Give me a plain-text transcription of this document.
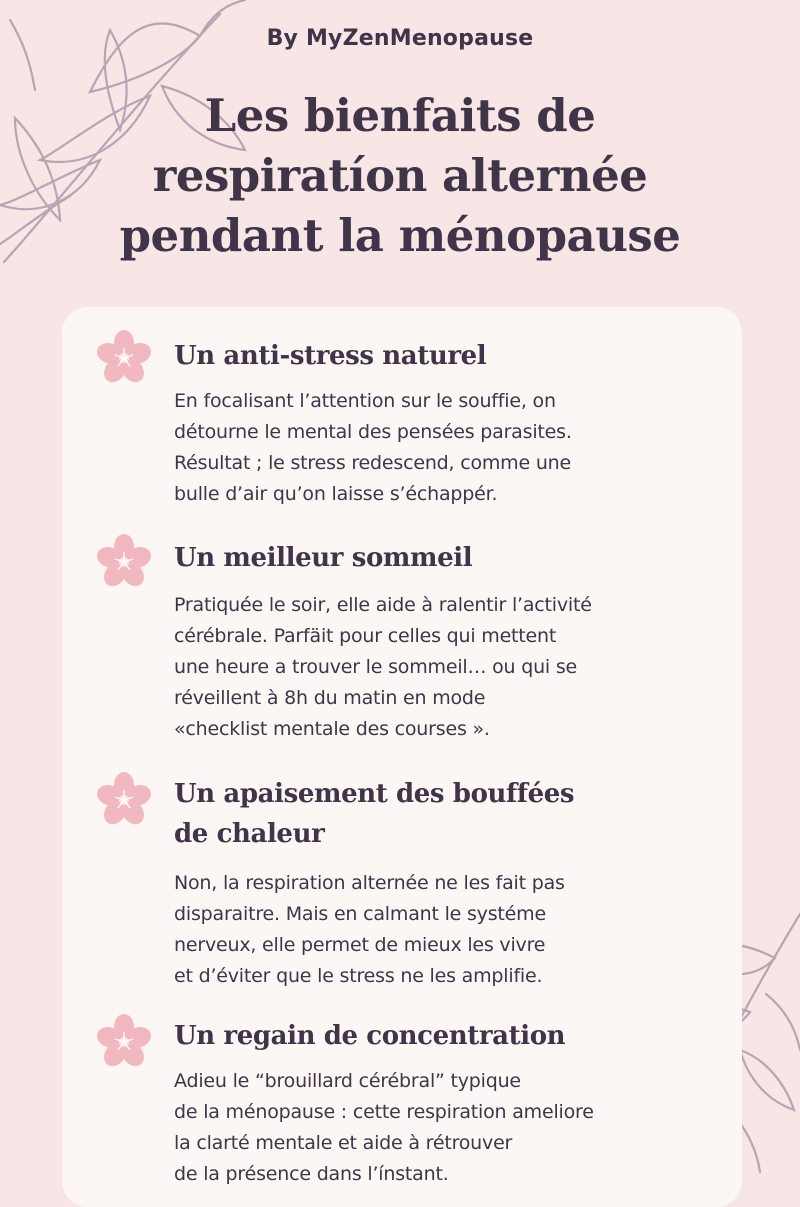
By MyZenMenopause
Les bienfaits de
respiratíon alternée
pendant la ménopause
Un anti-stress naturel

En focalisant l’attention sur le souffie, on
détourne le mental des pensées parasites.
Résultat ; le stress redescend, comme une
bulle d’air qu’on laisse s’échappér.

Un meilleur sommeil

Pratiquée le soir, elle aide à ralentir l’activité
cérébrale. Parfäit pour celles qui mettent
une heure a trouver le sommeil… ou qui se
réveillent à 8h du matin en mode
«checklist mentale des courses ».

Un apaisement des bouffées
de chaleur

Non, la respiration alternée ne les fait pas
disparaitre. Mais en calmant le systéme
nerveux, elle permet de mieux les vivre
et d’éviter que le stress ne les amplifie.

Un regain de concentration

Adieu le “brouillard cérébral” typique
de la ménopause : cette respiration ameliore
la clarté mentale et aide à rétrouver
de la présence dans l’ínstant.
